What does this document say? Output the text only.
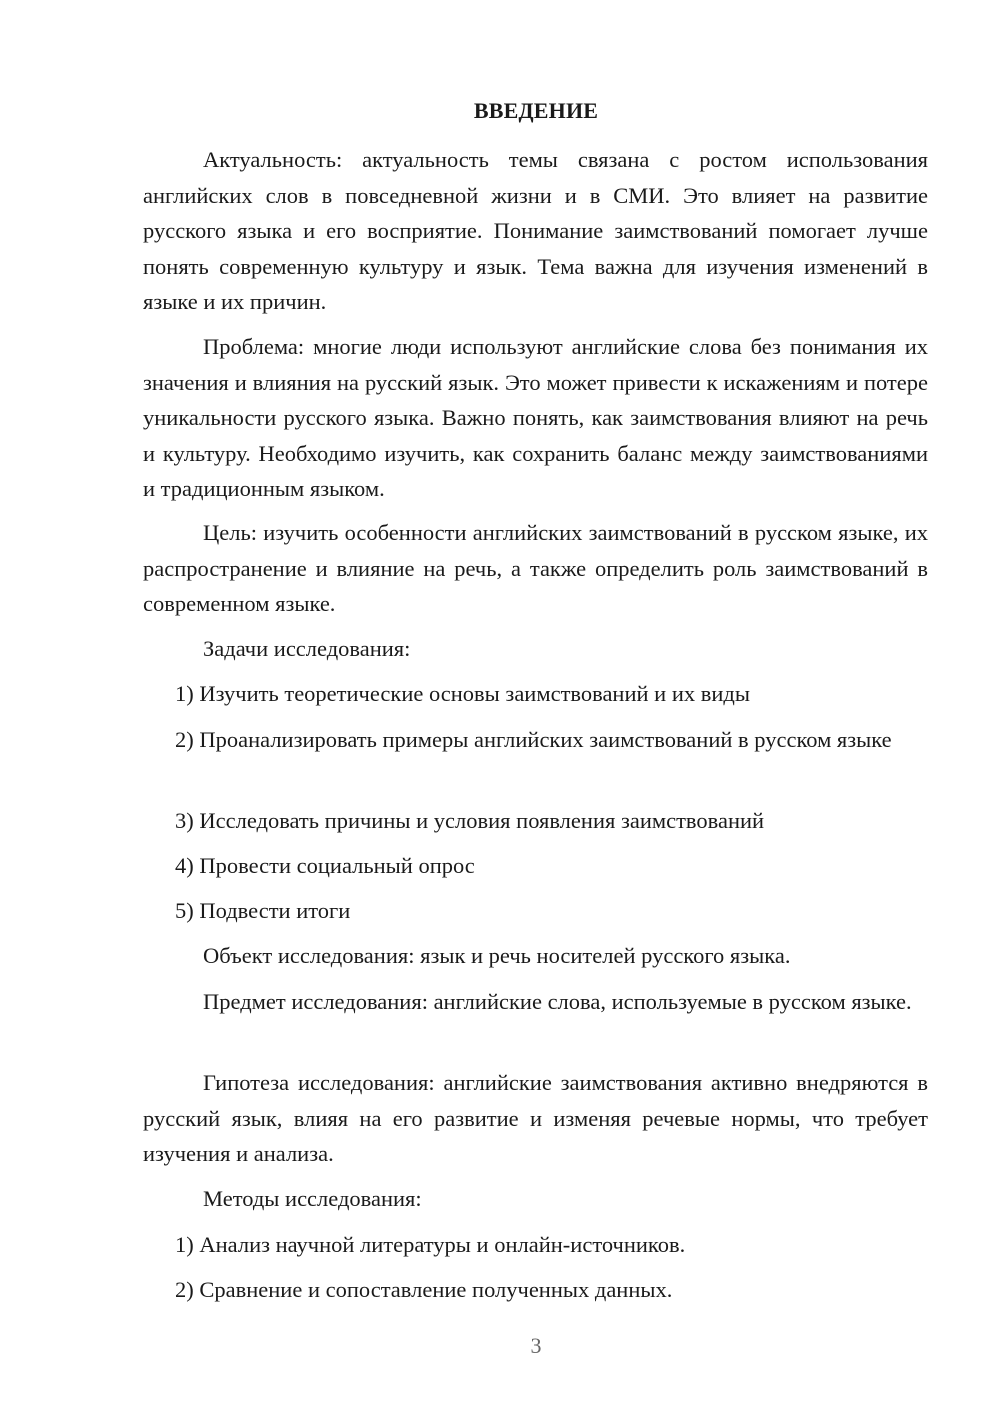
ВВЕДЕНИЕ

Актуальность: актуальность темы связана с ростом использования английских слов в повседневной жизни и в СМИ. Это влияет на развитие русского языка и его восприятие. Понимание заимствований помогает лучше понять современную культуру и язык. Тема важна для изучения изменений в языке и их причин.

Проблема: многие люди используют английские слова без понимания их значения и влияния на русский язык. Это может привести к искажениям и потере уникальности русского языка. Важно понять, как заимствования влияют на речь и культуру. Необходимо изучить, как сохранить баланс между заимствованиями и традиционным языком.

Цель: изучить особенности английских заимствований в русском языке, их распространение и влияние на речь, а также определить роль заимствований в современном языке.

Задачи исследования:

1) Изучить теоретические основы заимствований и их виды

2) Проанализировать примеры английских заимствований в русском языке

3) Исследовать причины и условия появления заимствований

4) Провести социальный опрос

5) Подвести итоги

Объект исследования: язык и речь носителей русского языка.

Предмет исследования: английские слова, используемые в русском языке.

Гипотеза исследования: английские заимствования активно внедряются в русский язык, влияя на его развитие и изменяя речевые нормы, что требует изучения и анализа.

Методы исследования:

1) Анализ научной литературы и онлайн-источников.

2) Сравнение и сопоставление полученных данных.

3
